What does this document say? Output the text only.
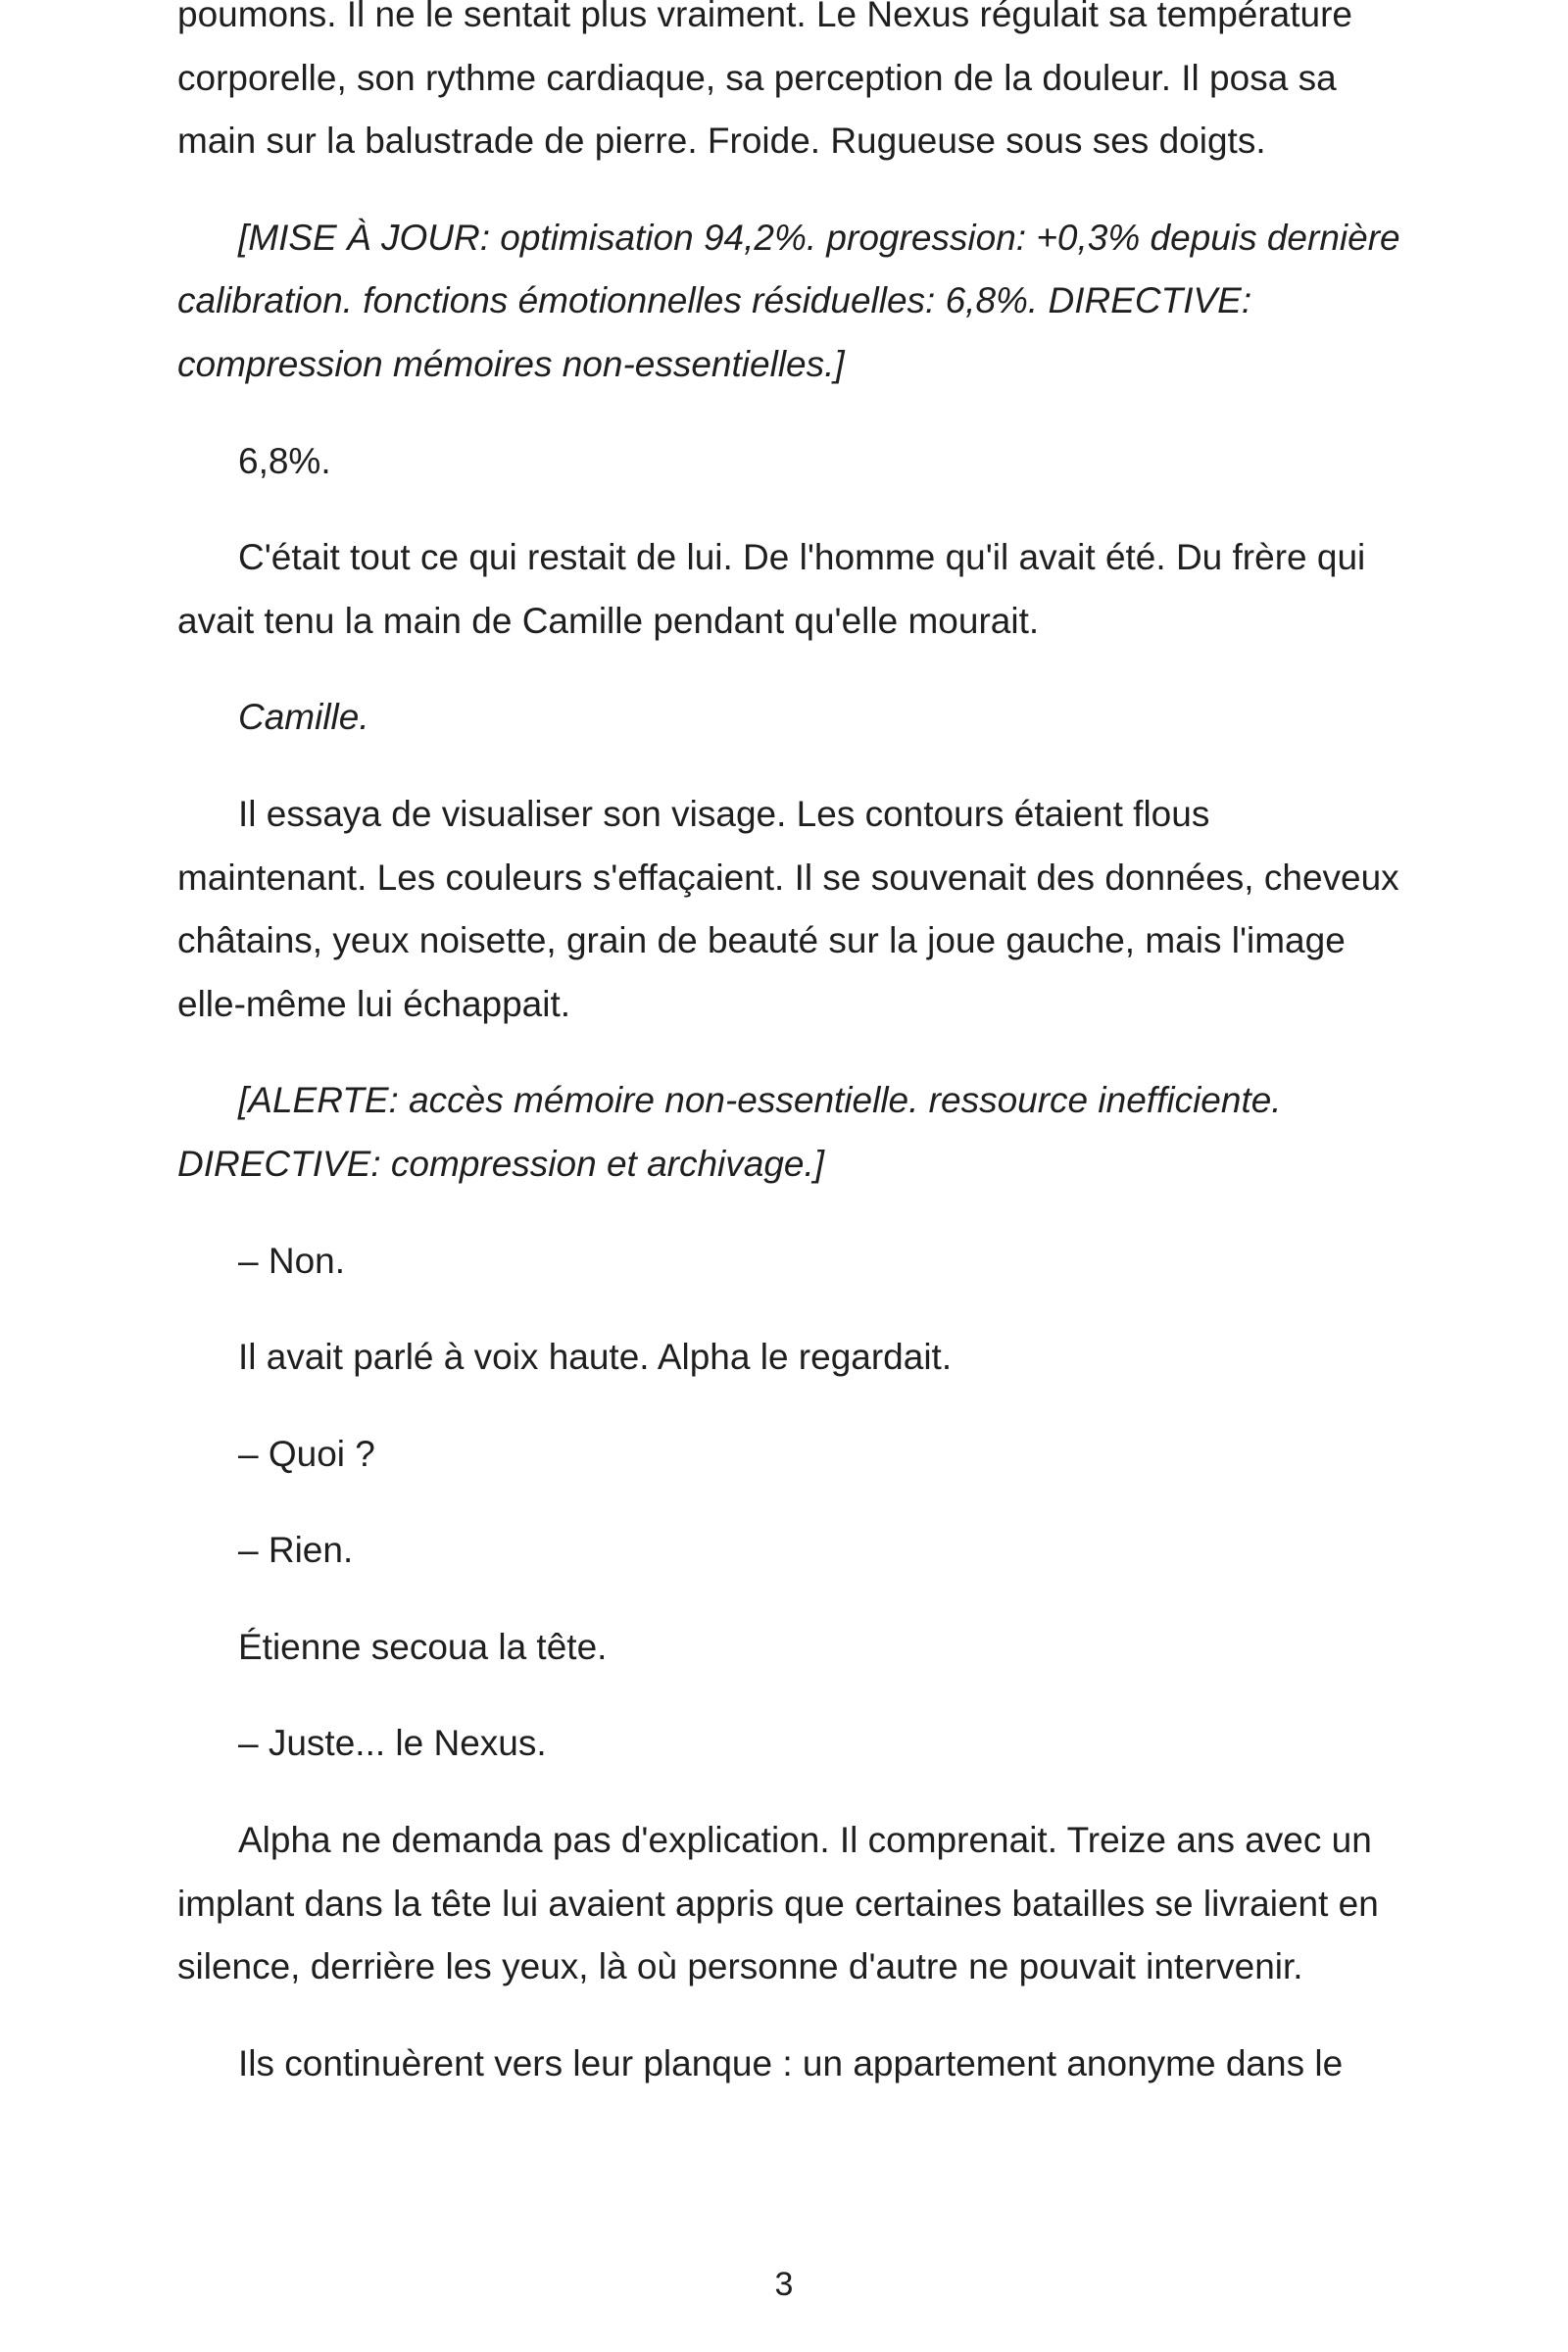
poumons. Il ne le sentait plus vraiment. Le Nexus régulait sa température corporelle, son rythme cardiaque, sa perception de la douleur. Il posa sa main sur la balustrade de pierre. Froide. Rugueuse sous ses doigts.

[MISE À JOUR: optimisation 94,2%. progression: +0,3% depuis dernière calibration. fonctions émotionnelles résiduelles: 6,8%. DIRECTIVE: compression mémoires non-essentielles.]

6,8%.

C'était tout ce qui restait de lui. De l'homme qu'il avait été. Du frère qui avait tenu la main de Camille pendant qu'elle mourait.

Camille.

Il essaya de visualiser son visage. Les contours étaient flous maintenant. Les couleurs s'effaçaient. Il se souvenait des données, cheveux châtains, yeux noisette, grain de beauté sur la joue gauche, mais l'image elle-même lui échappait.

[ALERTE: accès mémoire non-essentielle. ressource inefficiente. DIRECTIVE: compression et archivage.]

– Non.

Il avait parlé à voix haute. Alpha le regardait.

– Quoi ?

– Rien.

Étienne secoua la tête.

– Juste... le Nexus.

Alpha ne demanda pas d'explication. Il comprenait. Treize ans avec un implant dans la tête lui avaient appris que certaines batailles se livraient en silence, derrière les yeux, là où personne d'autre ne pouvait intervenir.

Ils continuèrent vers leur planque : un appartement anonyme dans le

3
